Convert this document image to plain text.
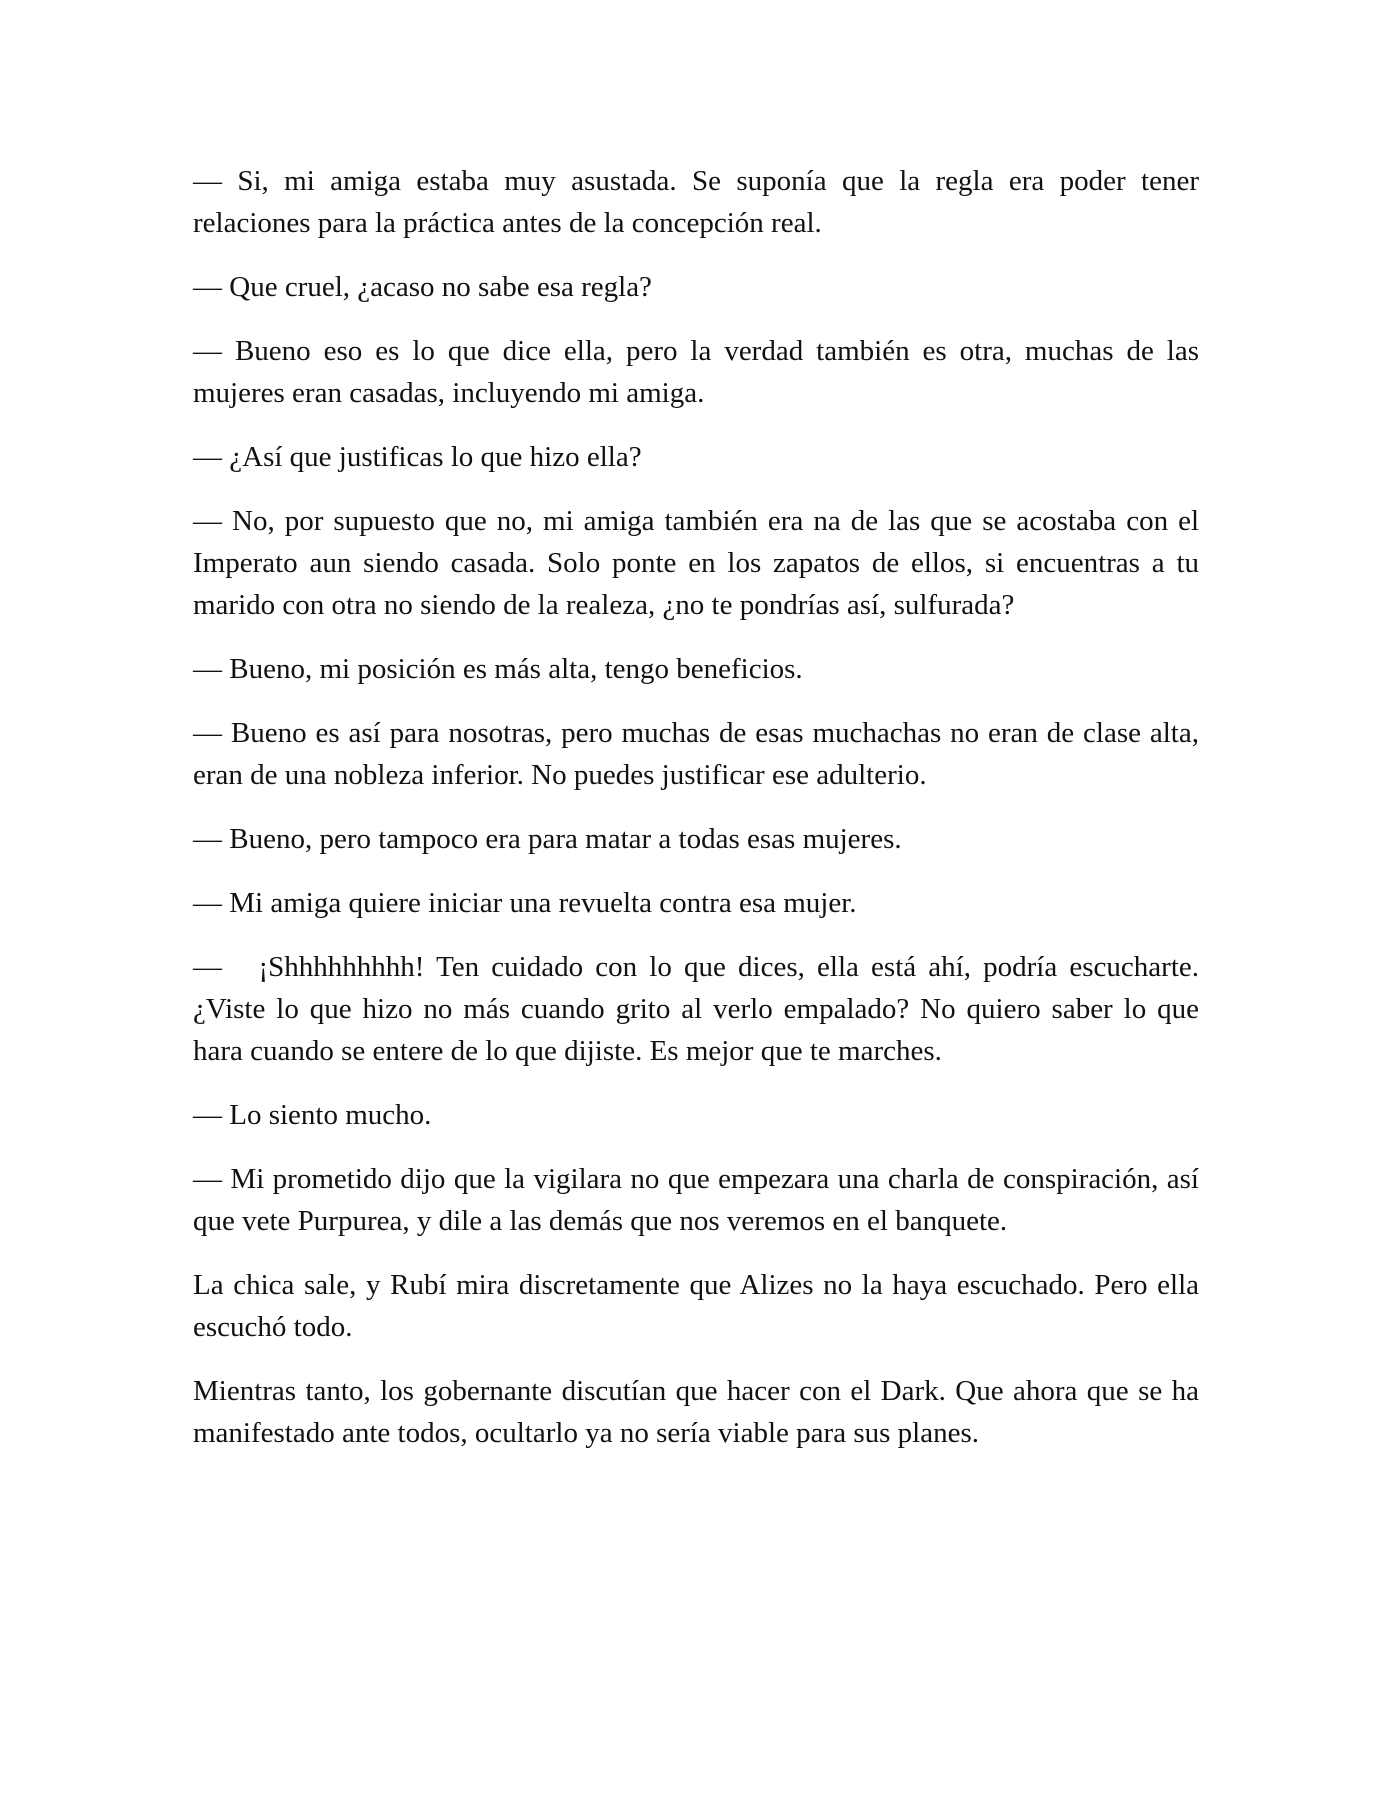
— Si, mi amiga estaba muy asustada. Se suponía que la regla era poder tener relaciones para la práctica antes de la concepción real.

— Que cruel, ¿acaso no sabe esa regla?

— Bueno eso es lo que dice ella, pero la verdad también es otra, muchas de las mujeres eran casadas, incluyendo mi amiga.

— ¿Así que justificas lo que hizo ella?

— No, por supuesto que no, mi amiga también era na de las que se acostaba con el Imperato aun siendo casada. Solo ponte en los zapatos de ellos, si encuentras a tu marido con otra no siendo de la realeza, ¿no te pondrías así, sulfurada?

— Bueno, mi posición es más alta, tengo beneficios.

— Bueno es así para nosotras, pero muchas de esas muchachas no eran de clase alta, eran de una nobleza inferior. No puedes justificar ese adulterio.

— Bueno, pero tampoco era para matar a todas esas mujeres.

— Mi amiga quiere iniciar una revuelta contra esa mujer.

—   ¡Shhhhhhhhh! Ten cuidado con lo que dices, ella está ahí, podría escucharte. ¿Viste lo que hizo no más cuando grito al verlo empalado? No quiero saber lo que hara cuando se entere de lo que dijiste. Es mejor que te marches.

— Lo siento mucho.

— Mi prometido dijo que la vigilara no que empezara una charla de conspiración, así que vete Purpurea, y dile a las demás que nos veremos en el banquete.

La chica sale, y Rubí mira discretamente que Alizes no la haya escuchado. Pero ella escuchó todo.

Mientras tanto, los gobernante discutían que hacer con el Dark. Que ahora que se ha manifestado ante todos, ocultarlo ya no sería viable para sus planes.
